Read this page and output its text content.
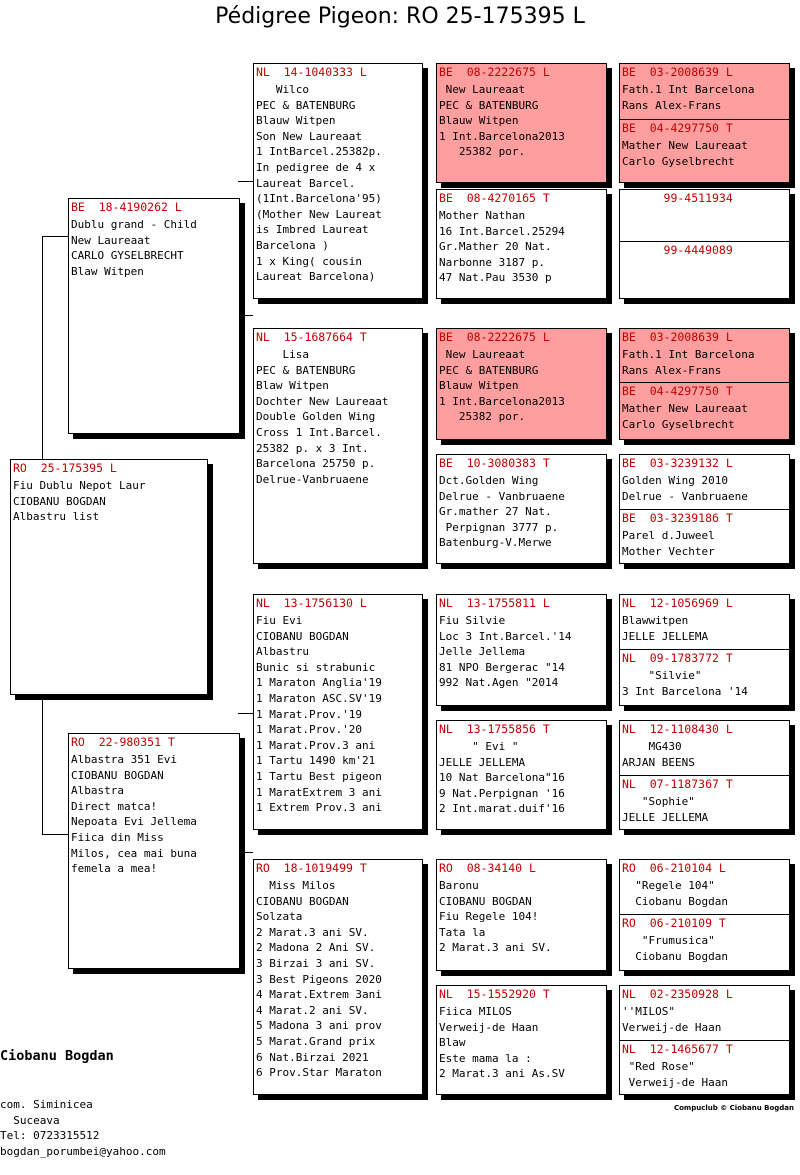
Pédigree Pigeon: RO 25-175395 L
RO  25-175395 L
Fiu Dublu Nepot Laur
CIOBANU BOGDAN
Albastru list
BE  18-4190262 L
Dublu grand - Child
New Laureaat
CARLO GYSELBRECHT
Blaw Witpen
RO  22-980351 T
Albastra 351 Evi
CIOBANU BOGDAN
Albastra
Direct matca!
Nepoata Evi Jellema
Fiica din Miss
Milos, cea mai buna
femela a mea!
NL  14-1040333 L
Wilco
PEC & BATENBURG
Blauw Witpen
Son New Laureaat
1 IntBarcel.25382p.
In pedigree de 4 x
Laureat Barcel.
(1Int.Barcelona'95)
(Mother New Laureat
is Imbred Laureat
Barcelona )
1 x King( cousin
Laureat Barcelona)
NL  15-1687664 T
Lisa
PEC & BATENBURG
Blaw Witpen
Dochter New Laureaat
Double Golden Wing
Cross 1 Int.Barcel.
25382 p. x 3 Int.
Barcelona 25750 p.
Delrue-Vanbruaene
NL  13-1756130 L
Fiu Evi
CIOBANU BOGDAN
Albastru
Bunic si strabunic
1 Maraton Anglia'19
1 Maraton ASC.SV'19
1 Marat.Prov.'19
1 Marat.Prov.'20
1 Marat.Prov.3 ani
1 Tartu 1490 km'21
1 Tartu Best pigeon
1 MaratExtrem 3 ani
1 Extrem Prov.3 ani
RO  18-1019499 T
Miss Milos
CIOBANU BOGDAN
Solzata
2 Marat.3 ani SV.
2 Madona 2 Ani SV.
3 Birzai 3 ani SV.
3 Best Pigeons 2020
4 Marat.Extrem 3ani
4 Marat.2 ani SV.
5 Madona 3 ani prov
5 Marat.Grand prix
6 Nat.Birzai 2021
6 Prov.Star Maraton
BE  08-2222675 L
New Laureaat
PEC & BATENBURG
Blauw Witpen
1 Int.Barcelona2013
25382 por.
BE  08-4270165 T
Mother Nathan
16 Int.Barcel.25294
Gr.Mather 20 Nat.
Narbonne 3187 p.
47 Nat.Pau 3530 p
BE  08-2222675 L
New Laureaat
PEC & BATENBURG
Blauw Witpen
1 Int.Barcelona2013
25382 por.
BE  10-3080383 T
Dct.Golden Wing
Delrue - Vanbruaene
Gr.mather 27 Nat.
Perpignan 3777 p.
Batenburg-V.Merwe
NL  13-1755811 L
Fiu Silvie
Loc 3 Int.Barcel.'14
Jelle Jellema
81 NPO Bergerac "14
992 Nat.Agen "2014
NL  13-1755856 T
" Evi "
JELLE JELLEMA
10 Nat Barcelona"16
9 Nat.Perpignan '16
2 Int.marat.duif'16
RO  08-34140 L
Baronu
CIOBANU BOGDAN
Fiu Regele 104!
Tata la
2 Marat.3 ani SV.
NL  15-1552920 T
Fiica MILOS
Verweij-de Haan
Blaw
Este mama la :
2 Marat.3 ani As.SV
BE  03-2008639 L
Fath.1 Int Barcelona
Rans Alex-Frans
BE  04-4297750 T
Mather New Laureaat
Carlo Gyselbrecht
99-4511934
99-4449089
BE  03-2008639 L
Fath.1 Int Barcelona
Rans Alex-Frans
BE  04-4297750 T
Mather New Laureaat
Carlo Gyselbrecht
BE  03-3239132 L
Golden Wing 2010
Delrue - Vanbruaene
BE  03-3239186 T
Parel d.Juweel
Mother Vechter
NL  12-1056969 L
Blawwitpen
JELLE JELLEMA
NL  09-1783772 T
"Silvie"
3 Int Barcelona '14
NL  12-1108430 L
MG430
ARJAN BEENS
NL  07-1187367 T
"Sophie"
JELLE JELLEMA
RO  06-210104 L
"Regele 104"
Ciobanu Bogdan
RO  06-210109 T
"Frumusica"
Ciobanu Bogdan
NL  02-2350928 L
''MILOS"
Verweij-de Haan
NL  12-1465677 T
"Red Rose"
Verweij-de Haan

Ciobanu Bogdan

com. Siminicea
Suceava
Tel: 0723315512
bogdan_porumbei@yahoo.com

Compuclub © Ciobanu Bogdan
